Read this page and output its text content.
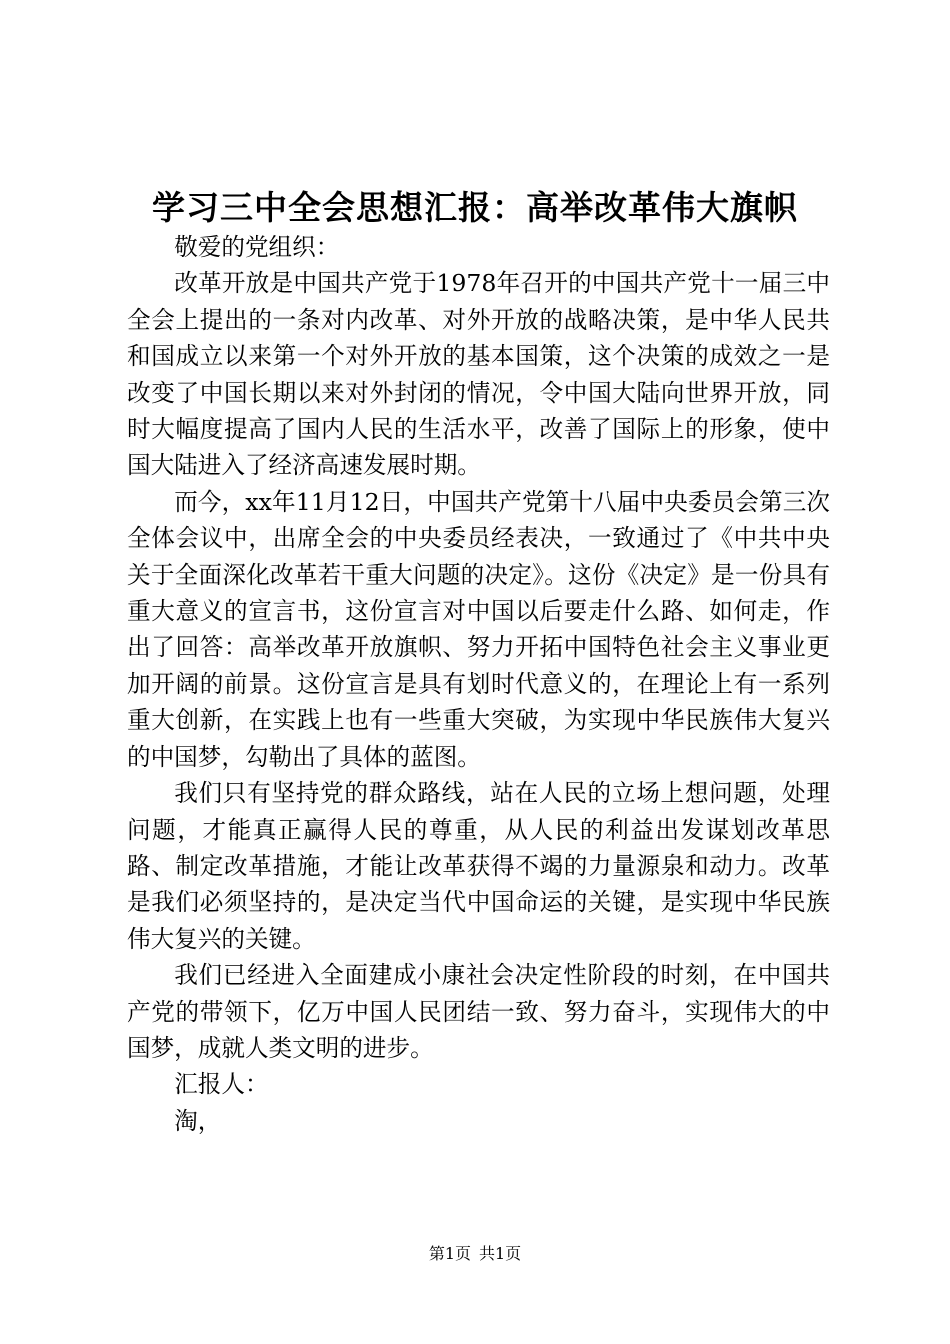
学习三中全会思想汇报：高举改革伟大旗帜

敬爱的党组织：

改革开放是中国共产党于1978年召开的中国共产党十一届三中全会上提出的一条对内改革、对外开放的战略决策，是中华人民共和国成立以来第一个对外开放的基本国策，这个决策的成效之一是改变了中国长期以来对外封闭的情况，令中国大陆向世界开放，同时大幅度提高了国内人民的生活水平，改善了国际上的形象，使中国大陆进入了经济高速发展时期。

而今，xx年11月12日，中国共产党第十八届中央委员会第三次全体会议中，出席全会的中央委员经表决，一致通过了《中共中央关于全面深化改革若干重大问题的决定》。这份《决定》是一份具有重大意义的宣言书，这份宣言对中国以后要走什么路、如何走，作出了回答：高举改革开放旗帜、努力开拓中国特色社会主义事业更加开阔的前景。这份宣言是具有划时代意义的，在理论上有一系列重大创新，在实践上也有一些重大突破，为实现中华民族伟大复兴的中国梦，勾勒出了具体的蓝图。

我们只有坚持党的群众路线，站在人民的立场上想问题，处理问题，才能真正赢得人民的尊重，从人民的利益出发谋划改革思路、制定改革措施，才能让改革获得不竭的力量源泉和动力。改革是我们必须坚持的，是决定当代中国命运的关键，是实现中华民族伟大复兴的关键。

我们已经进入全面建成小康社会决定性阶段的时刻，在中国共产党的带领下，亿万中国人民团结一致、努力奋斗，实现伟大的中国梦，成就人类文明的进步。

汇报人：

淘，

第1页 共1页
